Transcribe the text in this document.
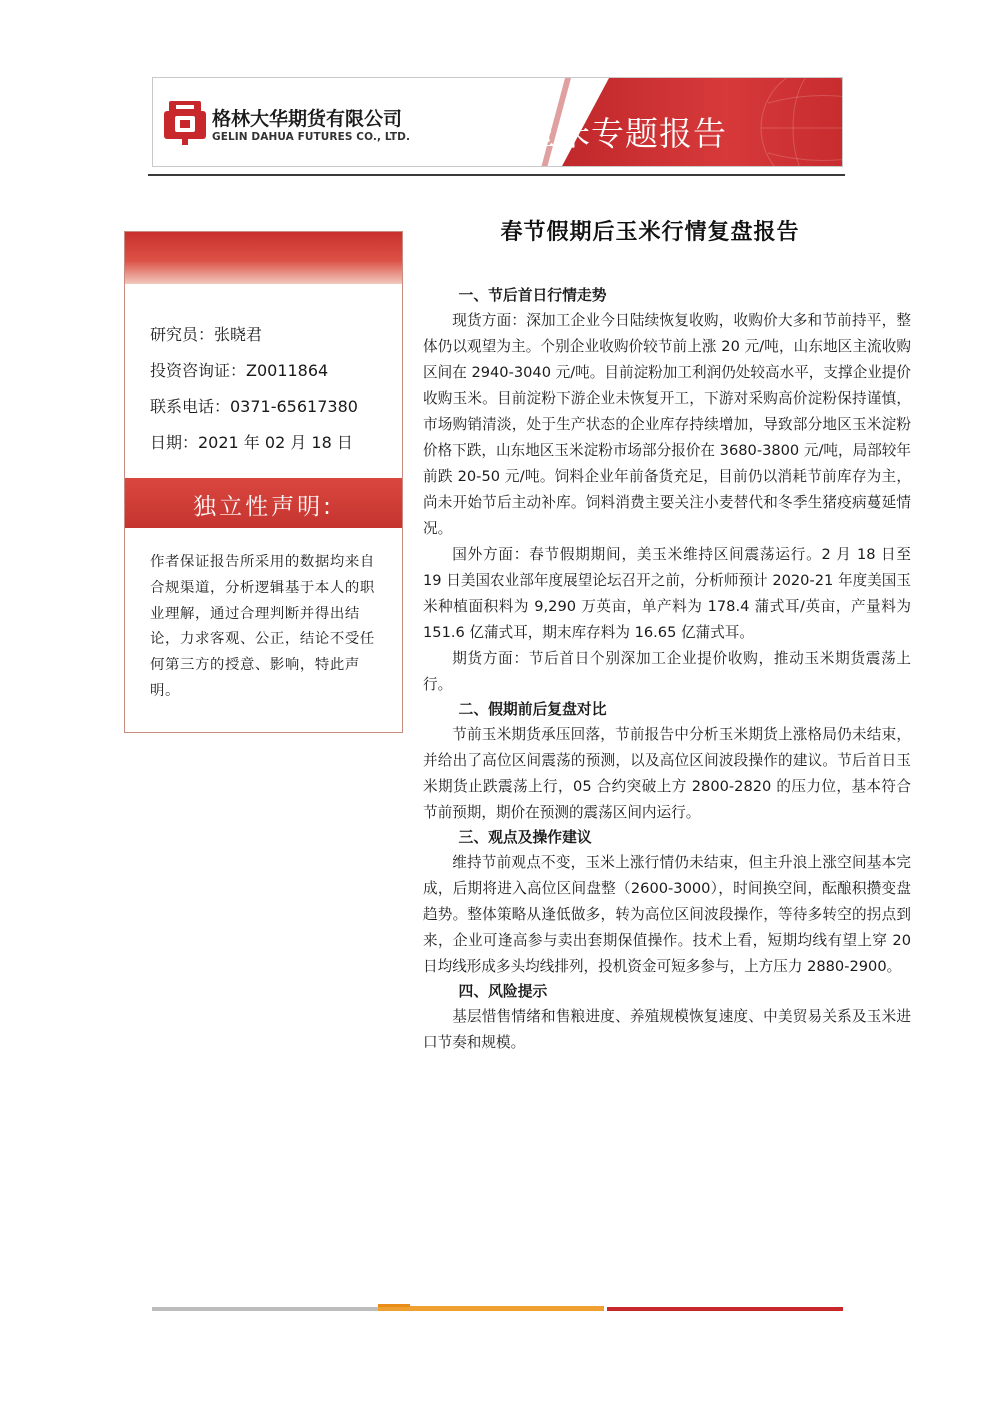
玉米专题报告
格林大华期货有限公司
GELIN DAHUA FUTURES CO., LTD.
研究员：张晓君
投资咨询证：Z0011864
联系电话：0371-65617380
日期：2021 年 02 月 18 日
独立性声明:
作者保证报告所采用的数据均来自合规渠道，分析逻辑基于本人的职业理解，通过合理判断并得出结论，力求客观、公正，结论不受任何第三方的授意、影响，特此声明。
春节假期后玉米行情复盘报告
一、节后首日行情走势

现货方面：深加工企业今日陆续恢复收购，收购价大多和节前持平，整体仍以观望为主。个别企业收购价较节前上涨 20 元/吨，山东地区主流收购区间在 2940-3040 元/吨。目前淀粉加工利润仍处较高水平，支撑企业提价收购玉米。目前淀粉下游企业未恢复开工，下游对采购高价淀粉保持谨慎，市场购销清淡，处于生产状态的企业库存持续增加，导致部分地区玉米淀粉价格下跌，山东地区玉米淀粉市场部分报价在 3680-3800 元/吨，局部较年前跌 20-50 元/吨。饲料企业年前备货充足，目前仍以消耗节前库存为主，尚未开始节后主动补库。饲料消费主要关注小麦替代和冬季生猪疫病蔓延情况。

国外方面：春节假期期间，美玉米维持区间震荡运行。2 月 18 日至 19 日美国农业部年度展望论坛召开之前，分析师预计 2020-21 年度美国玉米种植面积料为 9,290 万英亩，单产料为 178.4 蒲式耳/英亩，产量料为 151.6 亿蒲式耳，期末库存料为 16.65 亿蒲式耳。

期货方面：节后首日个别深加工企业提价收购，推动玉米期货震荡上行。

二、假期前后复盘对比

节前玉米期货承压回落，节前报告中分析玉米期货上涨格局仍未结束，并给出了高位区间震荡的预测，以及高位区间波段操作的建议。节后首日玉米期货止跌震荡上行，05 合约突破上方 2800-2820 的压力位，基本符合节前预期，期价在预测的震荡区间内运行。

三、观点及操作建议

维持节前观点不变，玉米上涨行情仍未结束，但主升浪上涨空间基本完成，后期将进入高位区间盘整（2600-3000），时间换空间，酝酿积攒变盘趋势。整体策略从逢低做多，转为高位区间波段操作，等待多转空的拐点到来，企业可逢高参与卖出套期保值操作。技术上看，短期均线有望上穿 20 日均线形成多头均线排列，投机资金可短多参与，上方压力 2880-2900。

四、风险提示

基层惜售情绪和售粮进度、养殖规模恢复速度、中美贸易关系及玉米进口节奏和规模。
